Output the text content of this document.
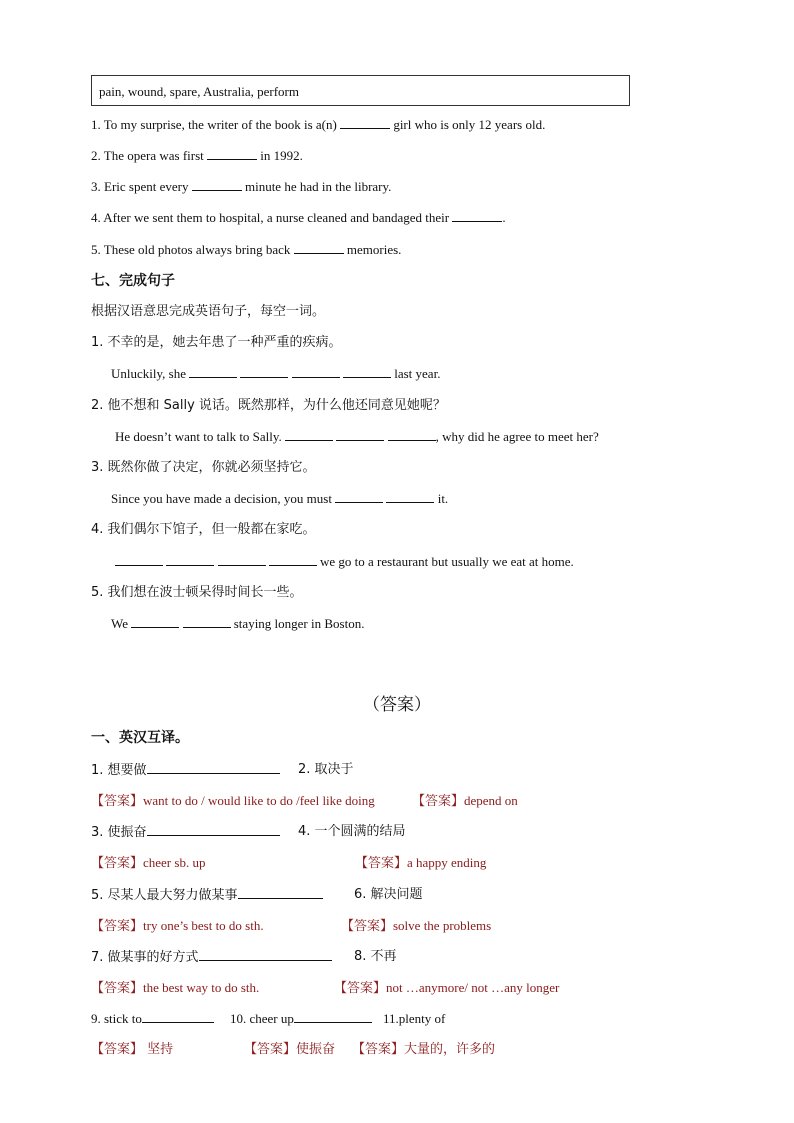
pain, wound, spare, Australia, perform
1. To my surprise, the writer of the book is a(n)	girl who is only 12 years old.
2. The opera was first	in 1992.
3. Eric spent every	minute he had in the library.
4. After we sent them to hospital, a nurse cleaned and bandaged their	.
5. These old photos always bring back	memories.
七、完成句子
根据汉语意思完成英语句子，每空一词。
1. 不幸的是，她去年患了一种严重的疾病。
Unluckily, she	last year.
2. 他不想和 Sally 说话。既然那样，为什么他还同意见她呢？
He doesn’t want to talk to Sally.	, why did he agree to meet her?
3. 既然你做了决定，你就必须坚持它。
Since you have made a decision, you must	it.
4. 我们偶尔下馆子，但一般都在家吃。
we go to a restaurant but usually we eat at home.
5. 我们想在波士顿呆得时间长一些。
We	staying longer in Boston.
（答案）
一、英汉互译。
1. 想要做	2. 取决于
【答案】want to do / would like to do /feel like doing	【答案】depend on
3. 使振奋	4. 一个圆满的结局
【答案】cheer sb. up	【答案】a happy ending
5. 尽某人最大努力做某事	6. 解决问题
【答案】try one’s best to do sth.	【答案】solve the problems
7. 做某事的好方式	8. 不再
【答案】the best way to do sth.	【答案】not …anymore/ not …any longer
9. stick to	10. cheer up	11.plenty of
【答案】 坚持	【答案】使振奋 【答案】大量的，许多的
